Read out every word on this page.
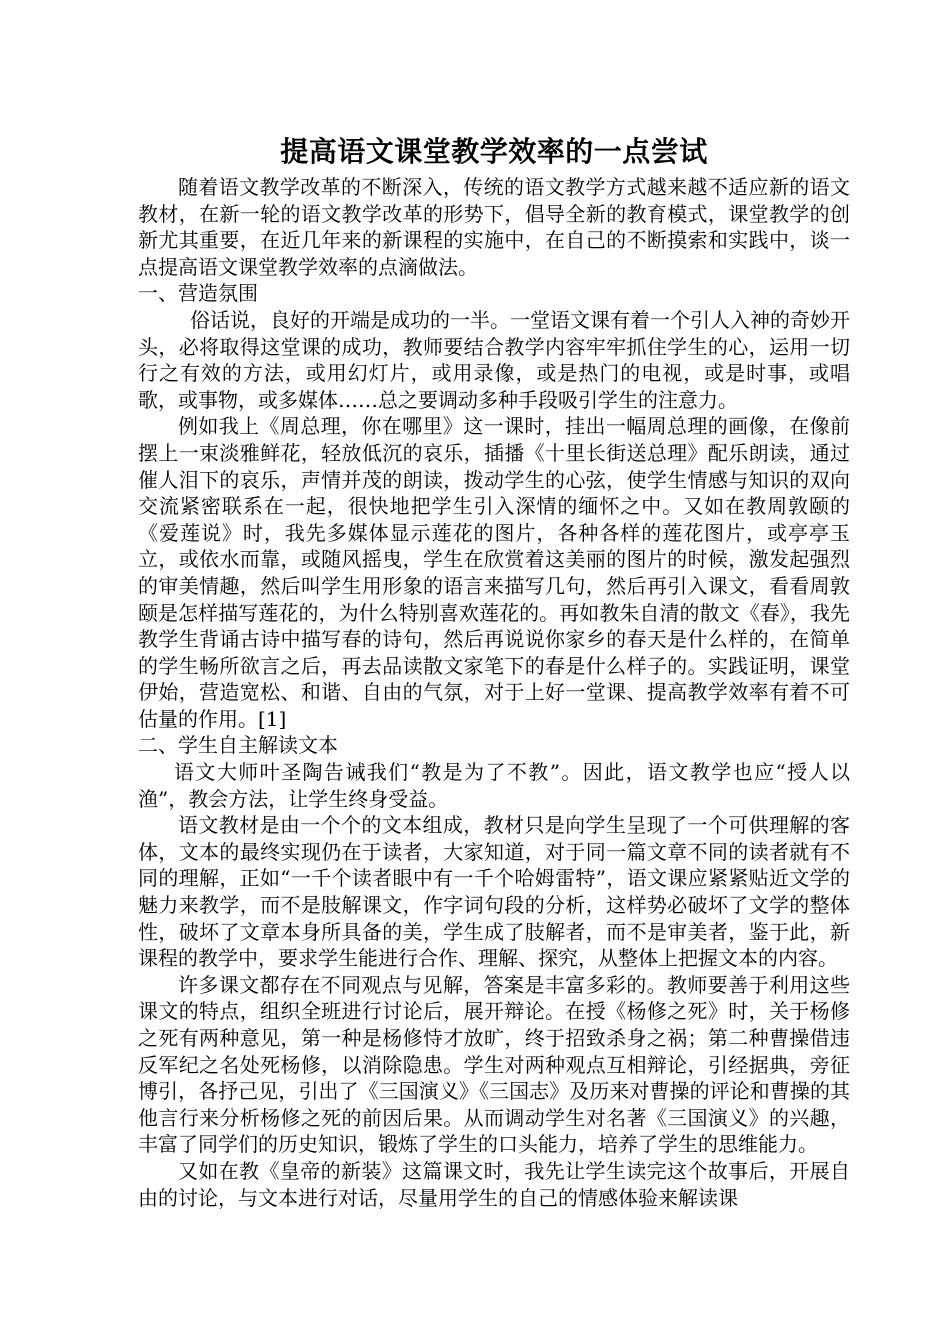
提高语文课堂教学效率的一点尝试

随着语文教学改革的不断深入，传统的语文教学方式越来越不适应新的语文教材，在新一轮的语文教学改革的形势下，倡导全新的教育模式，课堂教学的创新尤其重要，在近几年来的新课程的实施中，在自己的不断摸索和实践中，谈一点提高语文课堂教学效率的点滴做法。

一、营造氛围

俗话说，良好的开端是成功的一半。一堂语文课有着一个引人入神的奇妙开头，必将取得这堂课的成功，教师要结合教学内容牢牢抓住学生的心，运用一切行之有效的方法，或用幻灯片，或用录像，或是热门的电视，或是时事，或唱歌，或事物，或多媒体……总之要调动多种手段吸引学生的注意力。

例如我上《周总理，你在哪里》这一课时，挂出一幅周总理的画像，在像前摆上一束淡雅鲜花，轻放低沉的哀乐，插播《十里长街送总理》配乐朗读，通过催人泪下的哀乐，声情并茂的朗读，拨动学生的心弦，使学生情感与知识的双向交流紧密联系在一起，很快地把学生引入深情的缅怀之中。又如在教周敦颐的《爱莲说》时，我先多媒体显示莲花的图片，各种各样的莲花图片，或亭亭玉立，或依水而靠，或随风摇曳，学生在欣赏着这美丽的图片的时候，激发起强烈的审美情趣，然后叫学生用形象的语言来描写几句，然后再引入课文，看看周敦颐是怎样描写莲花的，为什么特别喜欢莲花的。再如教朱自清的散文《春》，我先教学生背诵古诗中描写春的诗句，然后再说说你家乡的春天是什么样的，在简单的学生畅所欲言之后，再去品读散文家笔下的春是什么样子的。实践证明，课堂伊始，营造宽松、和谐、自由的气氛，对于上好一堂课、提高教学效率有着不可估量的作用。[1]

二、学生自主解读文本

语文大师叶圣陶告诫我们“教是为了不教”。因此，语文教学也应“授人以渔”，教会方法，让学生终身受益。

语文教材是由一个个的文本组成，教材只是向学生呈现了一个可供理解的客体，文本的最终实现仍在于读者，大家知道，对于同一篇文章不同的读者就有不同的理解，正如“一千个读者眼中有一千个哈姆雷特”，语文课应紧紧贴近文学的魅力来教学，而不是肢解课文，作字词句段的分析，这样势必破坏了文学的整体性，破坏了文章本身所具备的美，学生成了肢解者，而不是审美者，鉴于此，新课程的教学中，要求学生能进行合作、理解、探究，从整体上把握文本的内容。

许多课文都存在不同观点与见解，答案是丰富多彩的。教师要善于利用这些课文的特点，组织全班进行讨论后，展开辩论。在授《杨修之死》时，关于杨修之死有两种意见，第一种是杨修恃才放旷，终于招致杀身之祸；第二种曹操借违反军纪之名处死杨修，以消除隐患。学生对两种观点互相辩论，引经据典，旁征博引，各抒己见，引出了《三国演义》《三国志》及历来对曹操的评论和曹操的其他言行来分析杨修之死的前因后果。从而调动学生对名著《三国演义》的兴趣，丰富了同学们的历史知识，锻炼了学生的口头能力，培养了学生的思维能力。

又如在教《皇帝的新装》这篇课文时，我先让学生读完这个故事后，开展自由的讨论，与文本进行对话，尽量用学生的自己的情感体验来解读课
